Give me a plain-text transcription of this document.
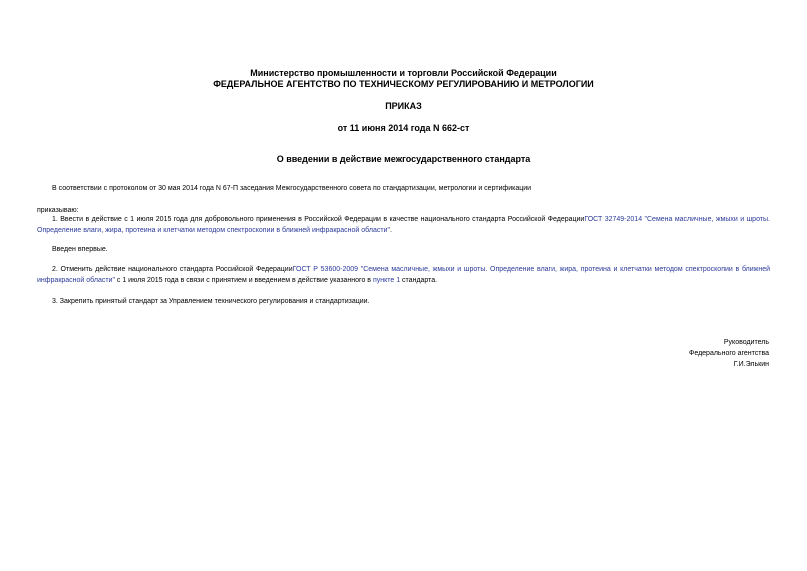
Министерство промышленности и торговли Российской Федерации
ФЕДЕРАЛЬНОЕ АГЕНТСТВО ПО ТЕХНИЧЕСКОМУ РЕГУЛИРОВАНИЮ И МЕТРОЛОГИИ
ПРИКАЗ
от 11 июня 2014 года N 662-ст
О введении в действие межгосударственного стандарта
В соответствии с протоколом от 30 мая 2014 года N 67-П заседания Межгосударственного совета по стандартизации, метрологии и сертификации
приказываю:
1. Ввести в действие с 1 июля 2015 года для добровольного применения в Российской Федерации в качестве национального стандарта Российской ФедерацииГОСТ 32749-2014 "Семена масличные, жмыхи и шроты. Определение влаги, жира, протеина и клетчатки методом спектроскопии в ближней инфракрасной области".
Введен впервые.
2. Отменить действие национального стандарта Российской ФедерацииГОСТ Р 53600-2009 "Семена масличные, жмыхи и шроты. Определение влаги, жира, протеина и клетчатки методом спектроскопии в ближней инфракрасной области" с 1 июля 2015 года в связи с принятием и введением в действие указанного в пункте 1 стандарта.
3. Закрепить принятый стандарт за Управлением технического регулирования и стандартизации.
Руководитель
Федерального агентства
Г.И.Элькин
